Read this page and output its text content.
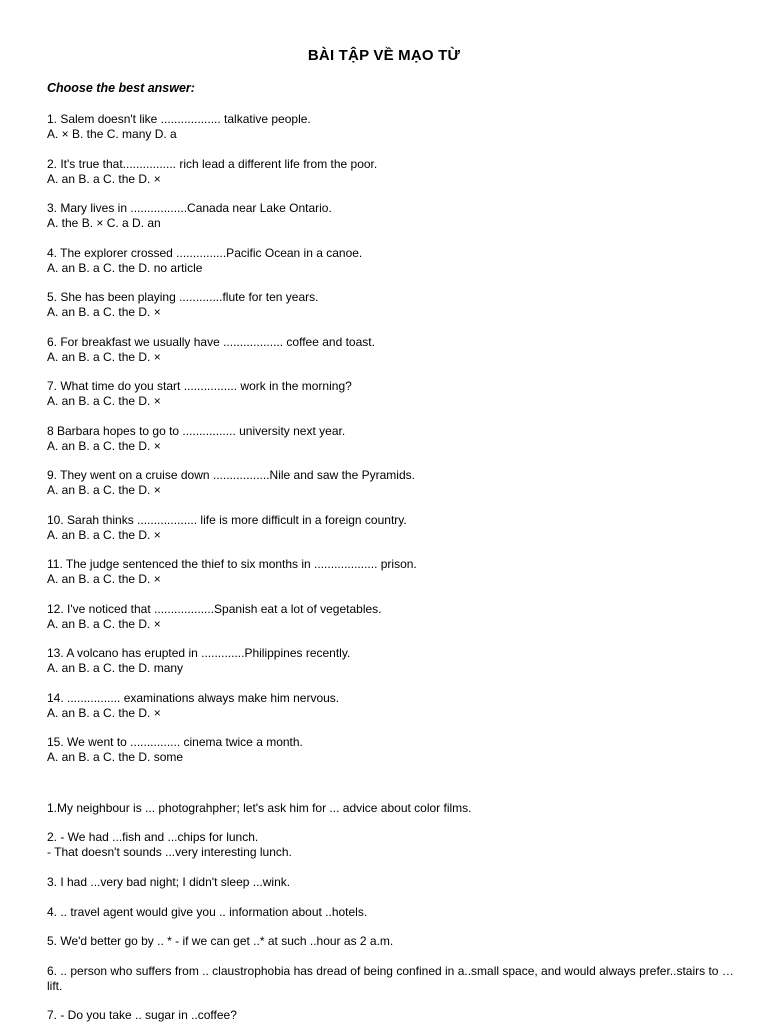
BÀI TẬP VỀ MẠO TỪ
Choose the best answer:
1. Salem doesn't like .................. talkative people.
A. × B. the C. many D. a
2. It's true that................ rich lead a different life from the poor.
A. an B. a C. the D. ×
3. Mary lives in .................Canada near Lake Ontario.
A. the B. × C. a D. an
4. The explorer crossed ...............Pacific Ocean in a canoe.
A. an B. a C. the D. no article
5. She has been playing .............flute for ten years.
A. an B. a C. the D. ×
6. For breakfast we usually have .................. coffee and toast.
A. an B. a C. the D. ×
7. What time do you start ................ work in the morning?
A. an B. a C. the D. ×
8 Barbara hopes to go to ................ university next year.
A. an B. a C. the D. ×
9. They went on a cruise down .................Nile and saw the Pyramids.
A. an B. a C. the D. ×
10. Sarah thinks .................. life is more difficult in a foreign country.
A. an B. a C. the D. ×
11. The judge sentenced the thief to six months in ................... prison.
A. an B. a C. the D. ×
12. I've noticed that ..................Spanish eat a lot of vegetables.
A. an B. a C. the D. ×
13. A volcano has erupted in .............Philippines recently.
A. an B. a C. the D. many
14. ................ examinations always make him nervous.
A. an B. a C. the D. ×
15. We went to ............... cinema twice a month.
A. an B. a C. the D. some
1.My neighbour is ... photograhpher; let's ask him for ... advice about color films.
2. - We had ...fish and ...chips for lunch.
- That doesn't sounds ...very interesting lunch.
3. I had ...very bad night; I didn't sleep ...wink.
4. .. travel agent would give you .. information about ..hotels.
5. We'd better go by .. * - if we can get ..* at such ..hour as 2 a.m.
6. .. person who suffers from .. claustrophobia has dread of being confined in a..small space, and would always prefer..stairs to … lift.
7. - Do you take .. sugar in ..coffee?
